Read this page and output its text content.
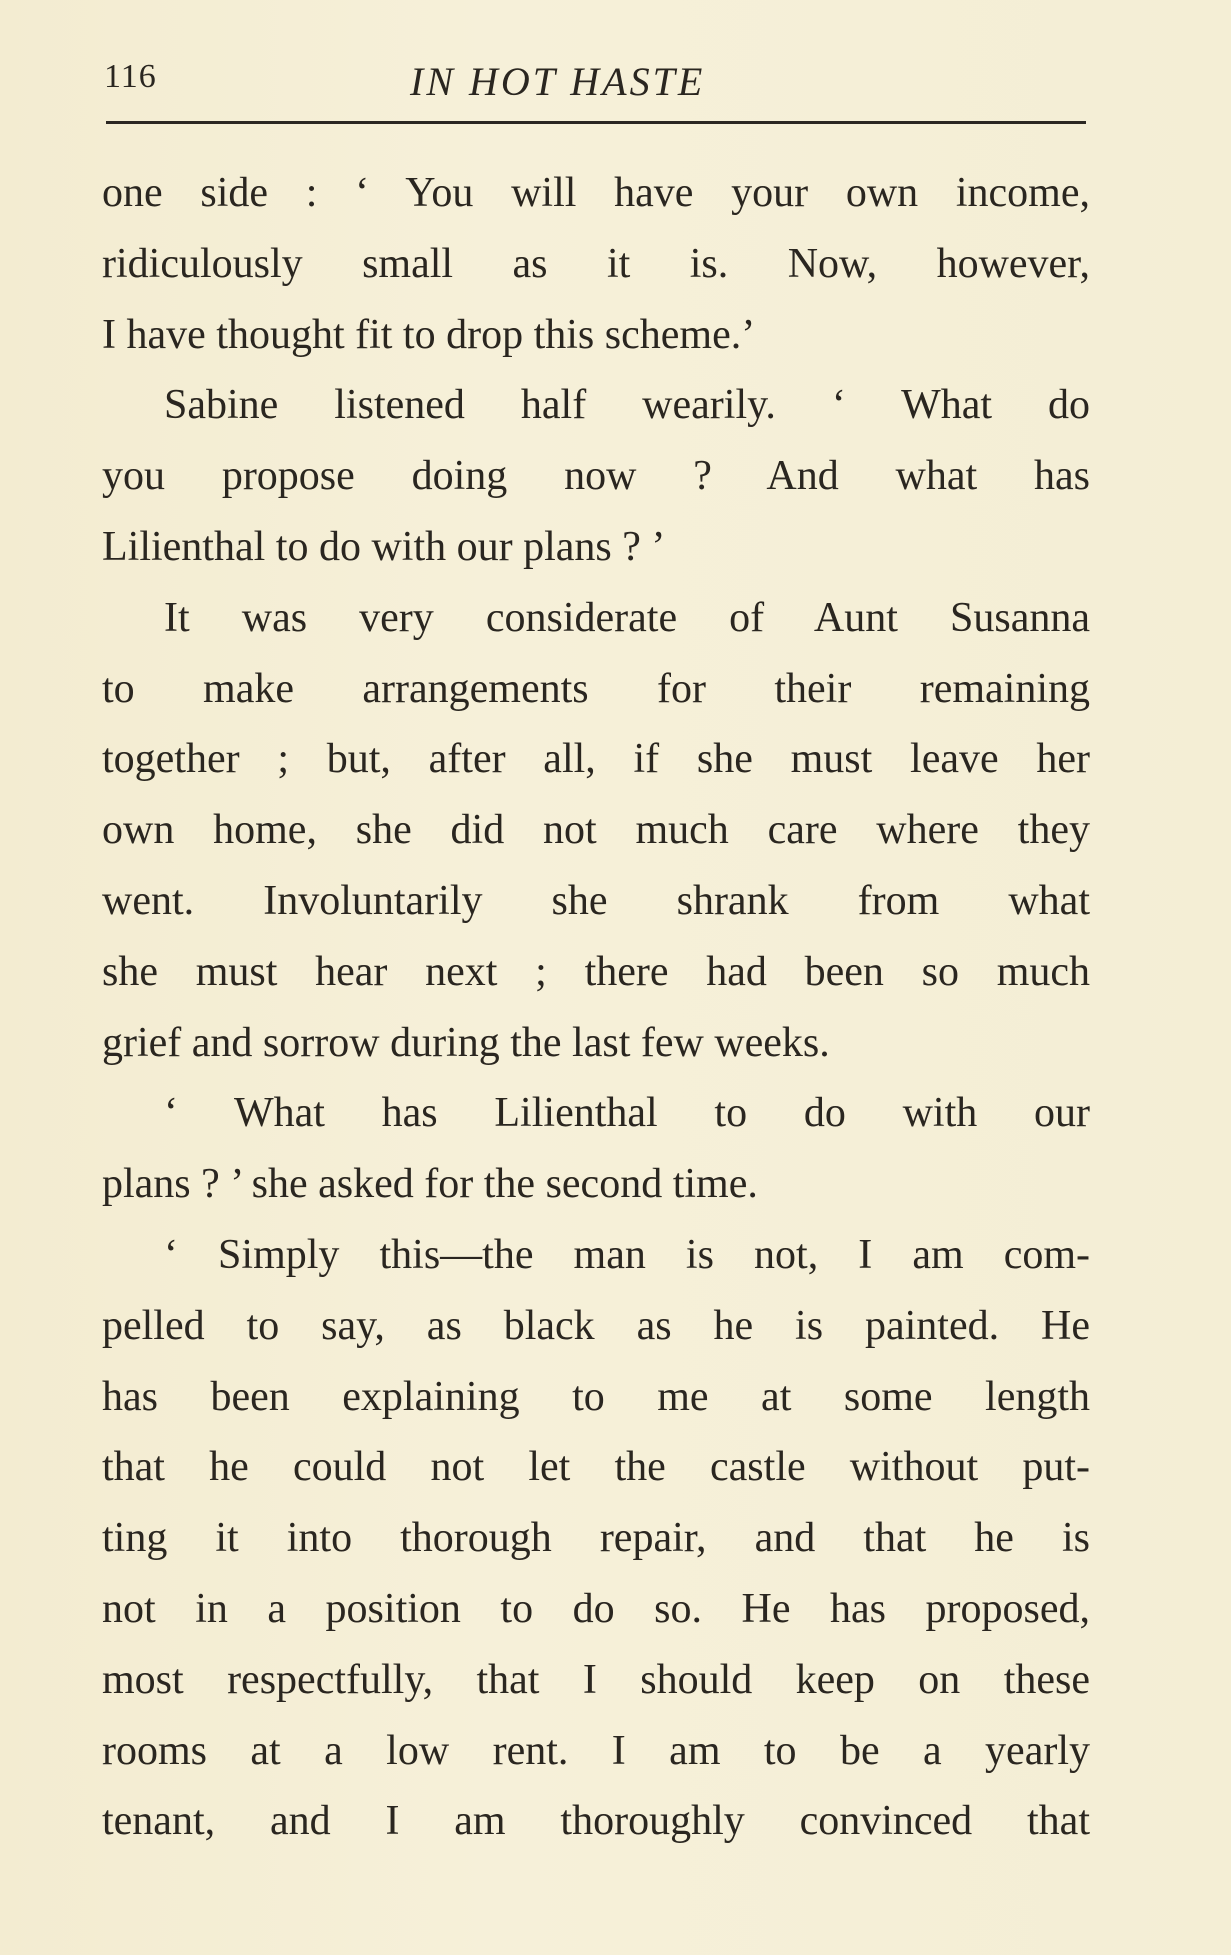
116	IN HOT HASTE
one side : ‘ You will have your own income,
ridiculously small as it is. Now, however,
I have thought fit to drop this scheme.’
Sabine listened half wearily. ‘ What do
you propose doing now ? And what has
Lilienthal to do with our plans ? ’
It was very considerate of Aunt Susanna
to make arrangements for their remaining
together ; but, after all, if she must leave her
own home, she did not much care where they
went. Involuntarily she shrank from what
she must hear next ; there had been so much
grief and sorrow during the last few weeks.
‘ What has Lilienthal to do with our
plans ? ’ she asked for the second time.
‘ Simply this—the man is not, I am com-
pelled to say, as black as he is painted. He
has been explaining to me at some length
that he could not let the castle without put-
ting it into thorough repair, and that he is
not in a position to do so. He has proposed,
most respectfully, that I should keep on these
rooms at a low rent. I am to be a yearly
tenant, and I am thoroughly convinced that
